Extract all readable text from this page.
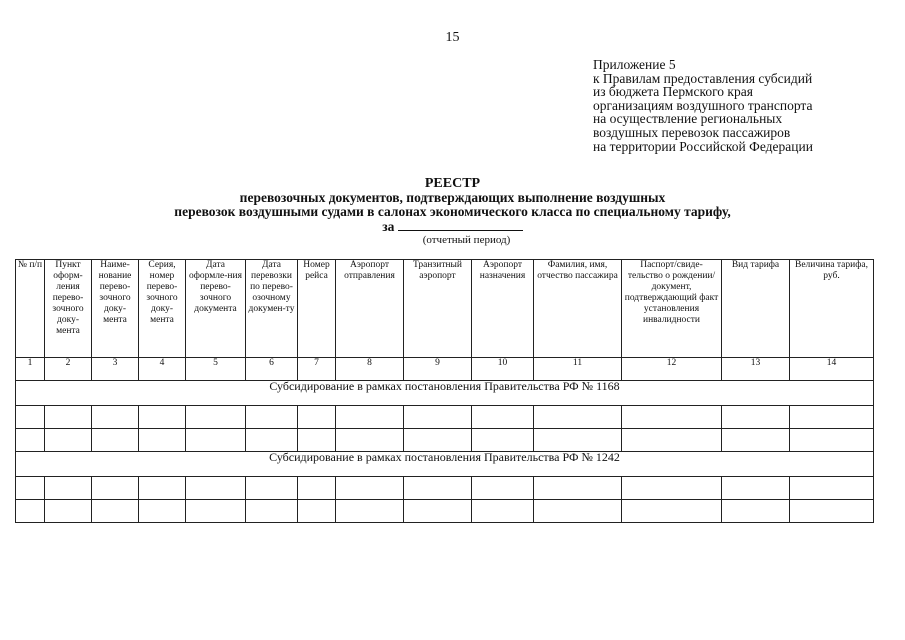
15
Приложение 5
к Правилам предоставления субсидий
из бюджета Пермского края
организациям воздушного транспорта
на осуществление региональных
воздушных перевозок пассажиров
на территории Российской Федерации
РЕЕСТР
перевозочных документов, подтверждающих выполнение воздушных
перевозок воздушными судами в салонах экономического класса по специальному тарифу,
за
(отчетный период)
№ п/п	Пункт оформ-ления перево-зочного доку-мента	Наиме-нование перево-зочного доку-мента	Серия, номер перево-зочного доку-мента	Дата оформле-ния перево-зочного документа	Дата перевозки по перево-озочному докумен-ту	Номер рейса	Аэропорт отправления	Транзитный аэропорт	Аэропорт назначения	Фамилия, имя, отчество пассажира	Паспорт/свиде-тельство о рождении/ документ, подтверждающий факт установления инвалидности	Вид тарифа	Величина тарифа, руб.
1	2	3	4	5	6	7	8	9	10	11	12	13	14
Субсидирование в рамках постановления Правительства РФ № 1168													

Субсидирование в рамках постановления Правительства РФ № 1242													
